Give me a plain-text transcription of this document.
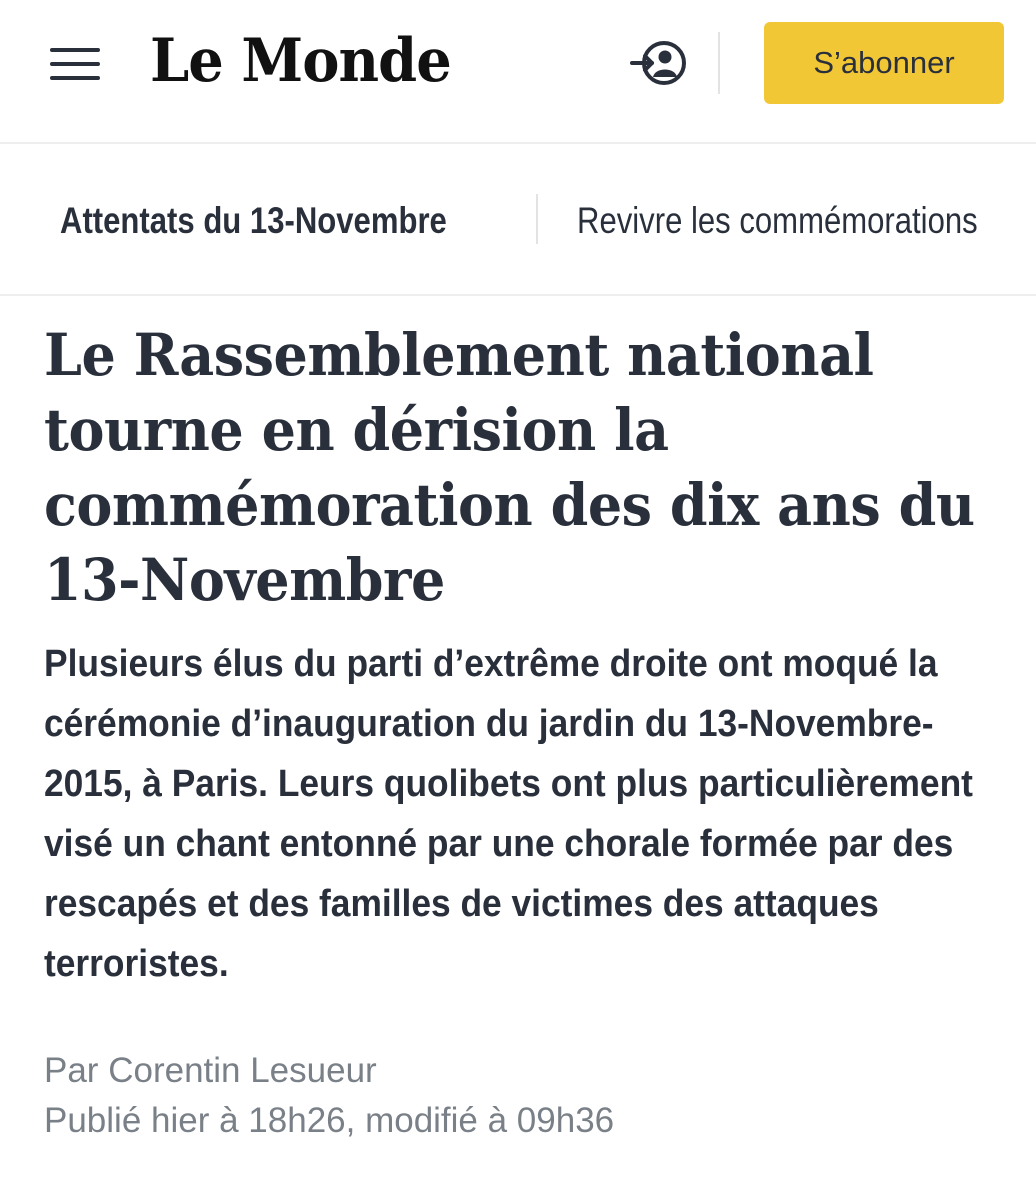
Le Monde	S’abonner
Attentats du 13-Novembre	Revivre les commémorations
Le Rassemblement national tourne en dérision la commémoration des dix ans du 13-Novembre

Plusieurs élus du parti d’extrême droite ont moqué la cérémonie d’inauguration du jardin du 13-Novembre-2015, à Paris. Leurs quolibets ont plus particulièrement visé un chant entonné par une chorale formée par des rescapés et des familles de victimes des attaques terroristes.

Par Corentin Lesueur
Publié hier à 18h26, modifié à 09h36
